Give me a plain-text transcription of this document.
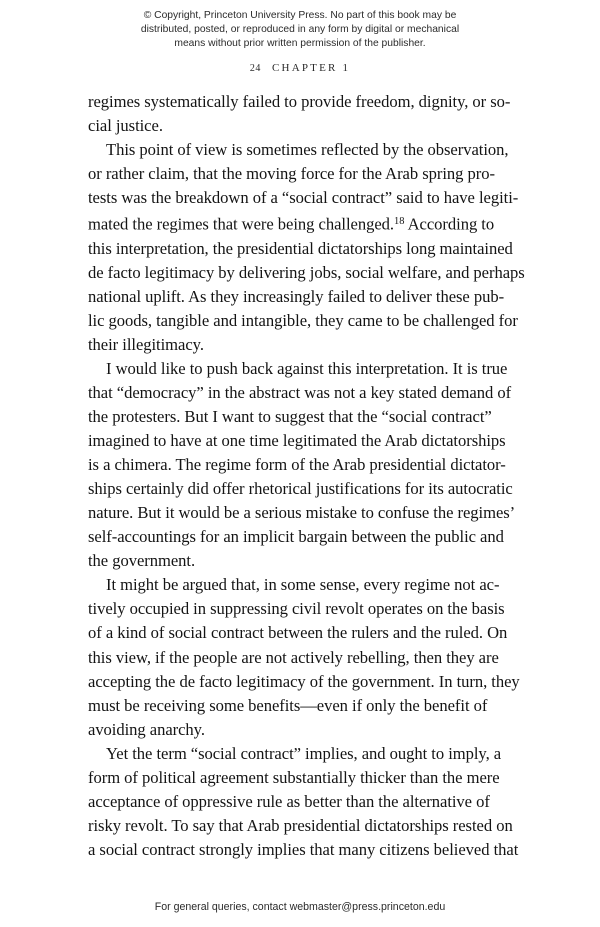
© Copyright, Princeton University Press. No part of this book may be
distributed, posted, or reproduced in any form by digital or mechanical
means without prior written permission of the publisher.
24 CHAPTER 1

regimes systematically failed to provide freedom, dignity, or so-
cial justice.

This point of view is sometimes reflected by the observation,
or rather claim, that the moving force for the Arab spring pro-
tests was the breakdown of a “social contract” said to have legiti-
mated the regimes that were being challenged.$^{18}$ According to
this interpretation, the presidential dictatorships long maintained
de facto legitimacy by delivering jobs, social welfare, and perhaps
national uplift. As they increasingly failed to deliver these pub-
lic goods, tangible and intangible, they came to be challenged for
their illegitimacy.

I would like to push back against this interpretation. It is true
that “democracy” in the abstract was not a key stated demand of
the protesters. But I want to suggest that the “social contract”
imagined to have at one time legitimated the Arab dictatorships
is a chimera. The regime form of the Arab presidential dictator-
ships certainly did offer rhetorical justifications for its autocratic
nature. But it would be a serious mistake to confuse the regimes’
self-accountings for an implicit bargain between the public and
the government.

It might be argued that, in some sense, every regime not ac-
tively occupied in suppressing civil revolt operates on the basis
of a kind of social contract between the rulers and the ruled. On
this view, if the people are not actively rebelling, then they are
accepting the de facto legitimacy of the government. In turn, they
must be receiving some benefits—even if only the benefit of
avoiding anarchy.

Yet the term “social contract” implies, and ought to imply, a
form of political agreement substantially thicker than the mere
acceptance of oppressive rule as better than the alternative of
risky revolt. To say that Arab presidential dictatorships rested on
a social contract strongly implies that many citizens believed that

For general queries, contact webmaster@press.princeton.edu
